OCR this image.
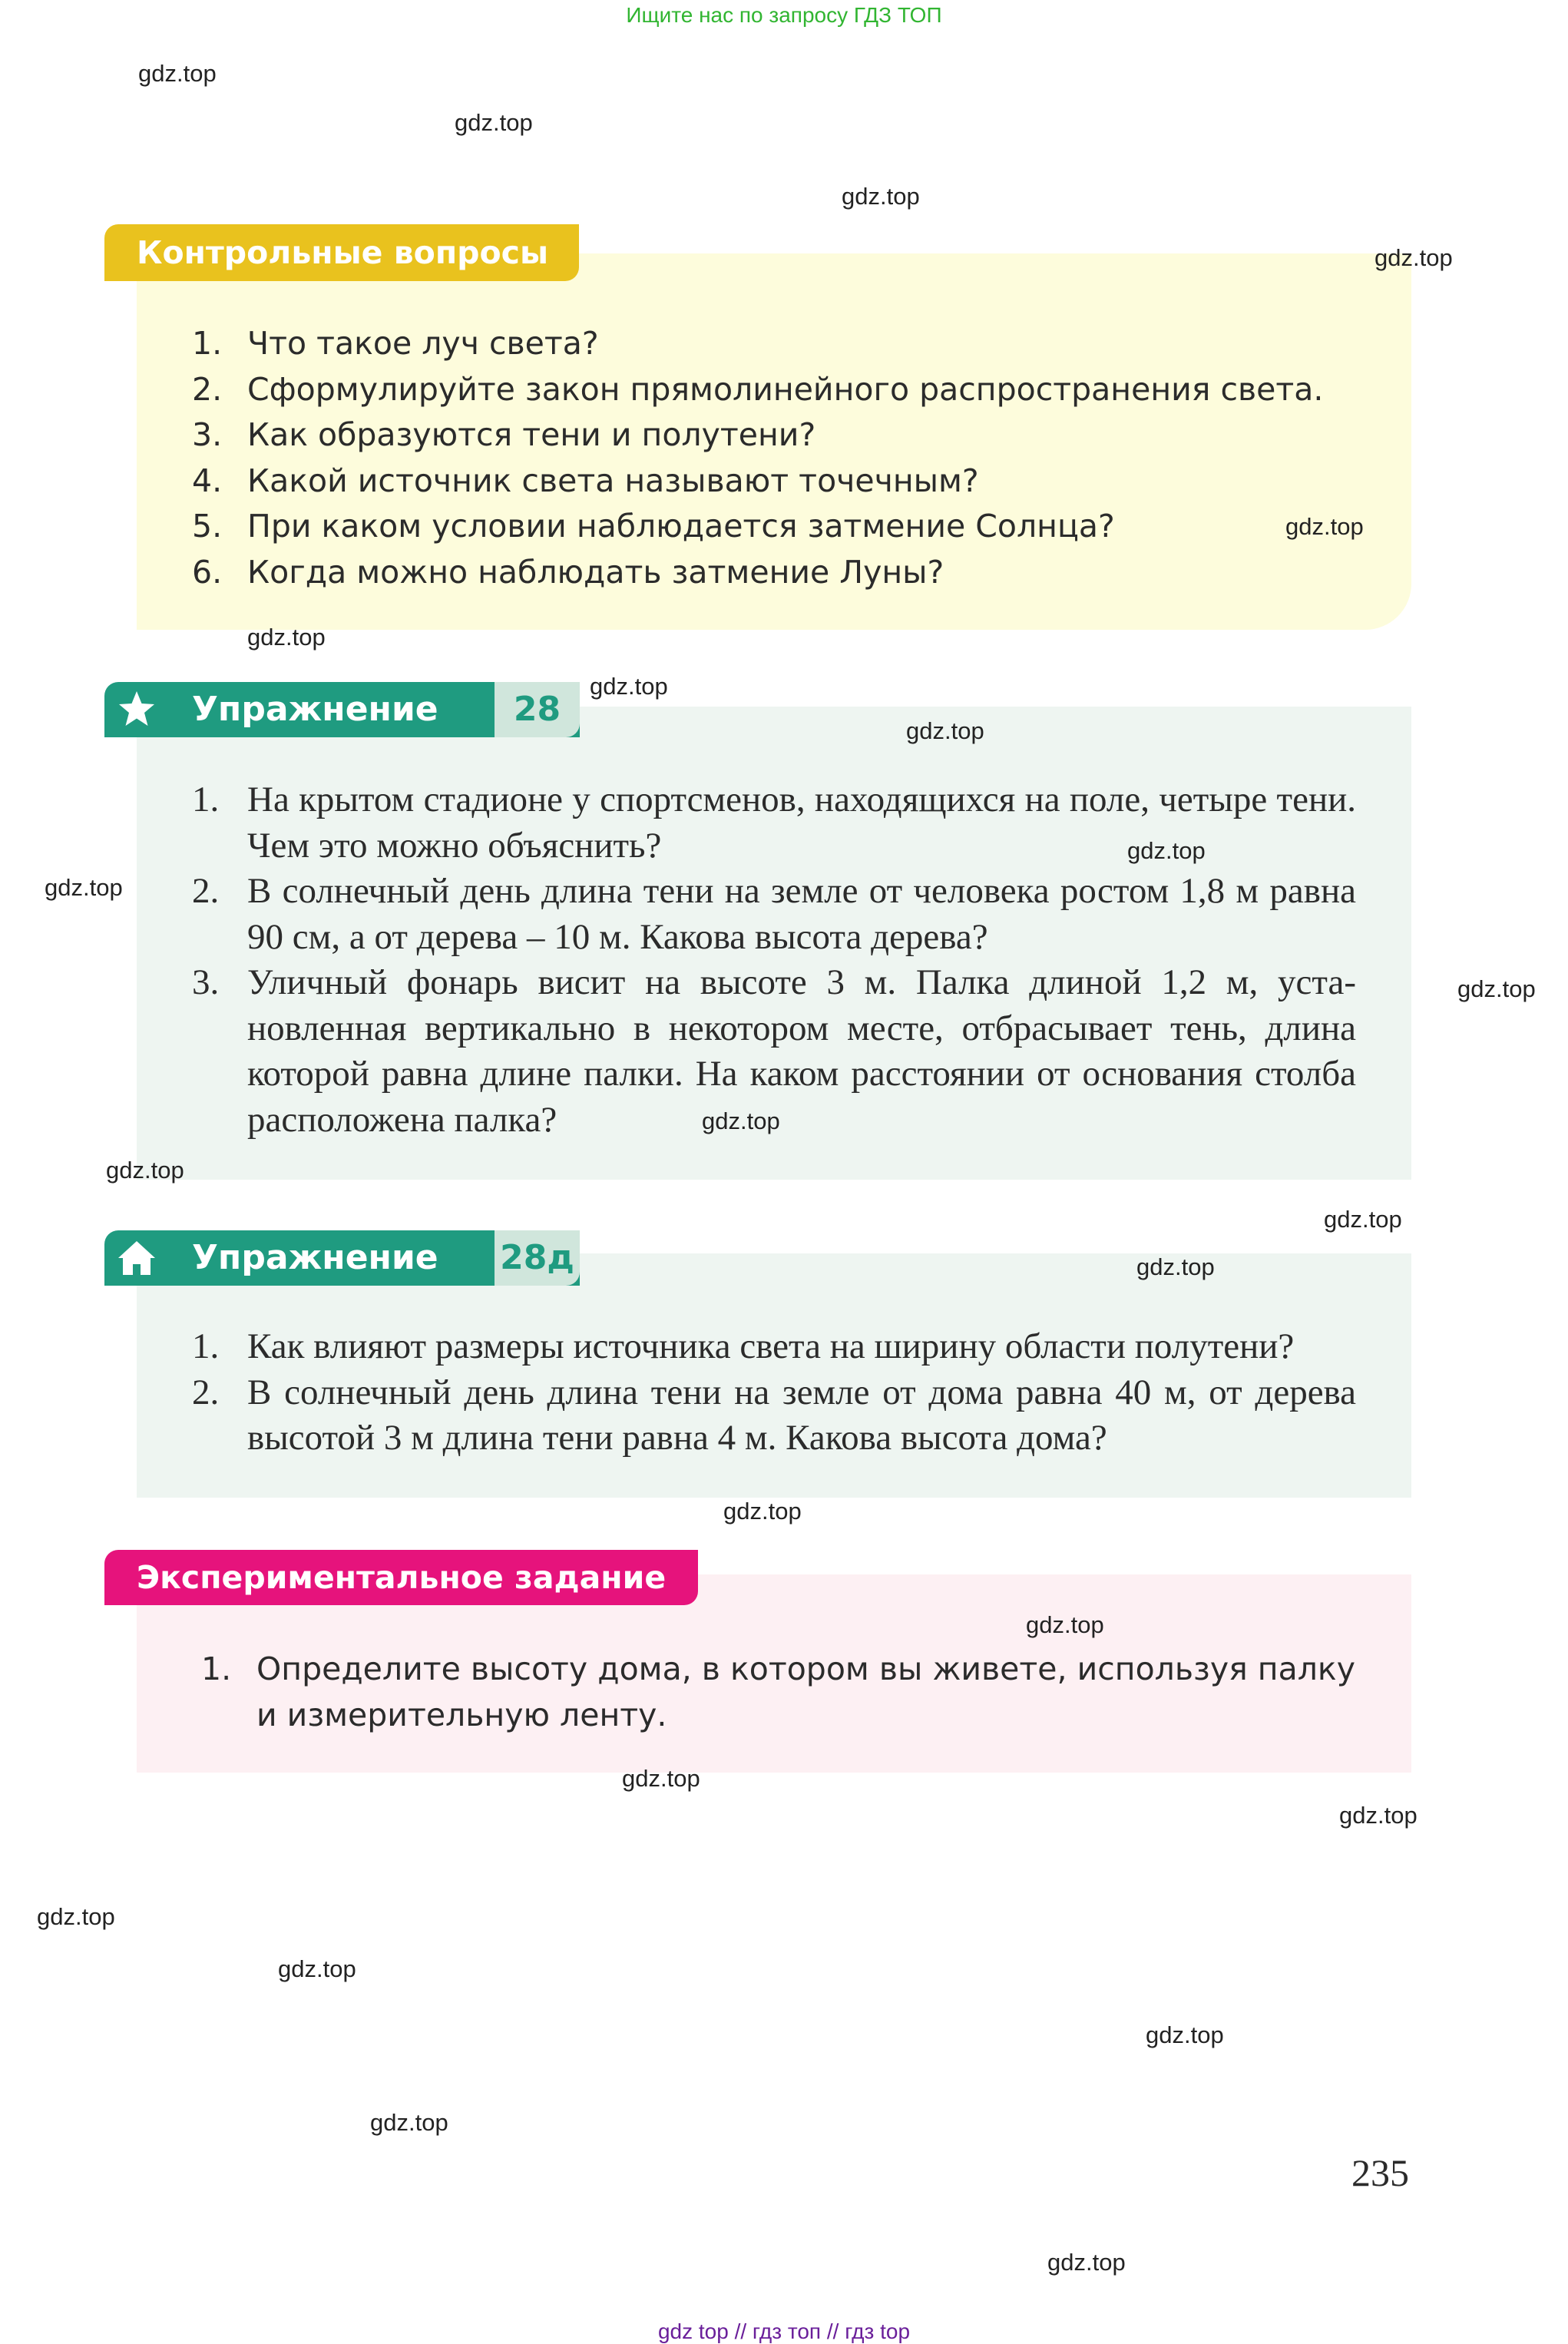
Ищите нас по запросу ГДЗ ТОП
Контрольные вопросы
1. Что такое луч света?
2. Сформулируйте закон прямолинейного распространения света.
3. Как образуются тени и полутени?
4. Какой источник света называют точечным?
5. При каком условии наблюдается затмение Солнца?
6. Когда можно наблюдать затмение Луны?
Упражнение	28
1. На крытом стадионе у спортсменов, находящихся на поле, четыре тени. Чем это можно объяснить?
2. В солнечный день длина тени на земле от человека ростом 1,8 м равна 90 см, а от дерева – 10 м. Какова высота дерева?
3. Уличный фонарь висит на высоте 3 м. Палка длиной 1,2 м, установленная вертикально в некотором месте, отбрасывает тень, длина которой равна длине палки. На каком расстоянии от основания столба расположена палка?
Упражнение 28д
1. Как влияют размеры источника света на ширину области полутени?
2. В солнечный день длина тени на земле от дома равна 40 м, от дерева высотой 3 м длина тени равна 4 м. Какова высота дома?
Экспериментальное задание
1. Определите высоту дома, в котором вы живете, используя палку и измерительную ленту.
gdz.top
gdz.top
gdz.top
gdz.top
gdz.top
gdz.top
gdz.top
gdz.top
gdz.top
gdz.top
gdz.top
gdz.top
gdz.top
gdz.top
gdz.top
gdz.top
gdz.top
gdz.top
gdz.top
gdz.top
gdz.top
gdz.top
gdz.top
gdz.top
235
gdz top // гдз топ // гдз top
